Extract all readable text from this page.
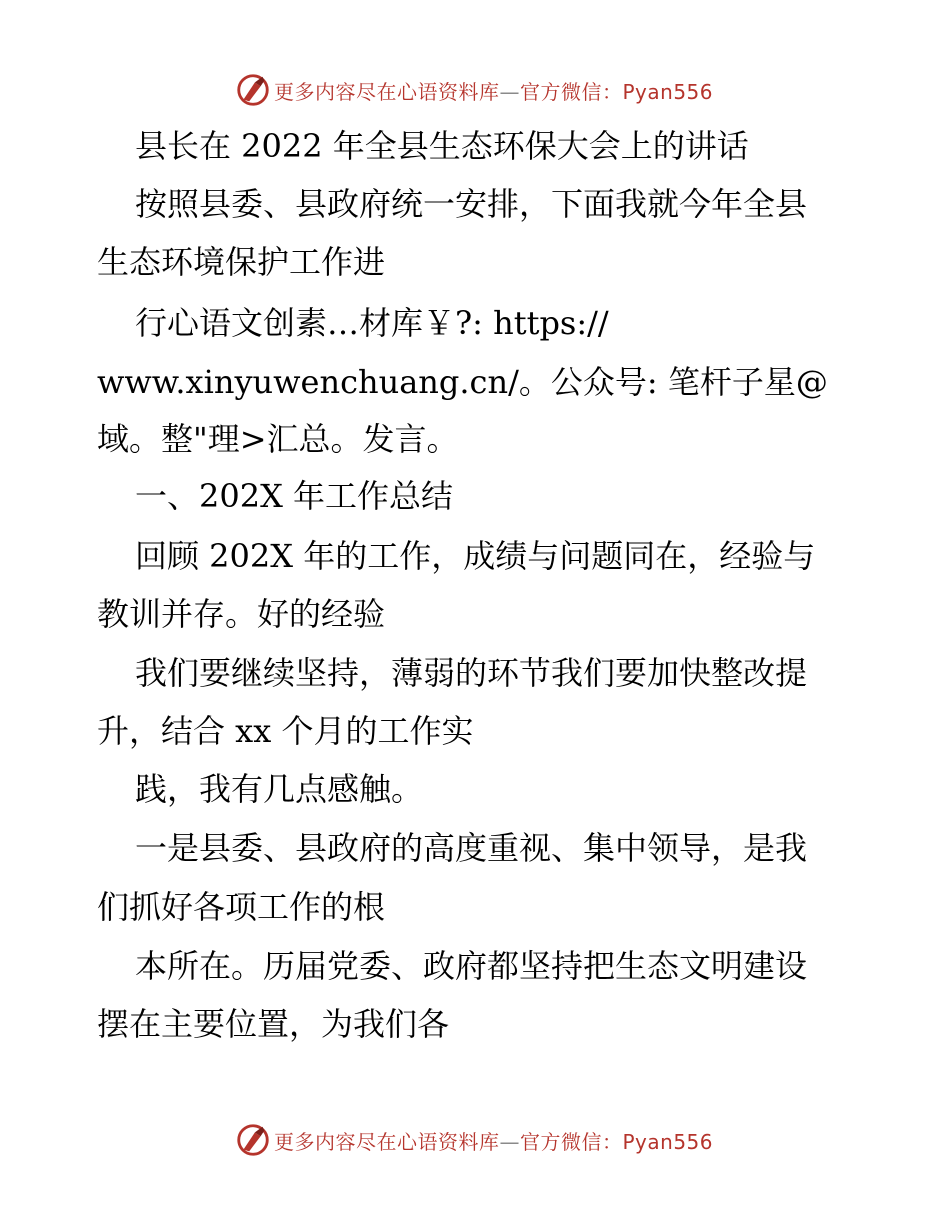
更多内容尽在心语资料库—官方微信：Pyan556
县长在 2022 年全县生态环保大会上的讲话
按照县委、县政府统一安排，下面我就今年全县
生态环境保护工作进
行心语文创素…材库￥?: https://
www.xinyuwenchuang.cn/。公众号: 笔杆子星@
域。整"理>汇总。发言。
一、202X 年工作总结
回顾 202X 年的工作，成绩与问题同在，经验与
教训并存。好的经验
我们要继续坚持，薄弱的环节我们要加快整改提
升，结合 xx 个月的工作实
践，我有几点感触。
一是县委、县政府的高度重视、集中领导，是我
们抓好各项工作的根
本所在。历届党委、政府都坚持把生态文明建设
摆在主要位置，为我们各
更多内容尽在心语资料库—官方微信：Pyan556
